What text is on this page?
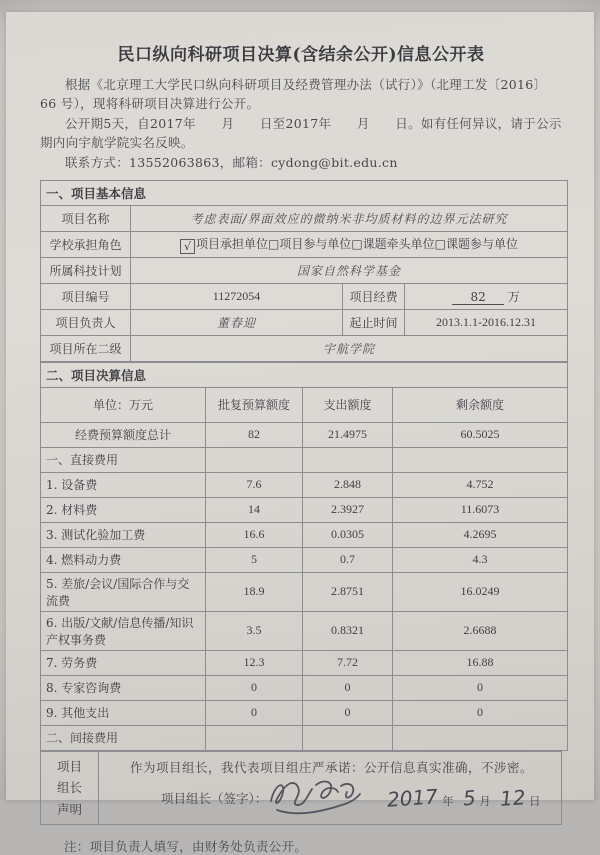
民口纵向科研项目决算(含结余公开)信息公开表

根据《北京理工大学民口纵向科研项目及经费管理办法（试行）》（北理工发〔2016〕66 号），现将科研项目决算进行公开。

公开期5天，自2017年　　月　　日至2017年　　月　　日。如有任何异议，请于公示期内向宇航学院实名反映。

联系方式：13552063863，邮箱：cydong@bit.edu.cn

一、项目基本信息			
项目名称	考虑表面/界面效应的微纳米非均质材料的边界元法研究		
学校承担角色	√ 项目承担单位□项目参与单位□课题牵头单位□课题参与单位		
所属科技计划	国家自然科学基金		
项目编号	11272054	项目经费	82 万
项目负责人	董春迎	起止时间	2013.1.1-2016.12.31
项目所在二级	宇航学院		
二、项目决算信息			
单位：万元	批复预算额度	支出额度	剩余额度
经费预算额度总计	82	21.4975	60.5025
一、直接费用			
1. 设备费	7.6	2.848	4.752
2. 材料费	14	2.3927	11.6073
3. 测试化验加工费	16.6	0.0305	4.2695
4. 燃料动力费	5	0.7	4.3
5. 差旅/会议/国际合作与交流费	18.9	2.8751	16.0249
6. 出版/文献/信息传播/知识产权事务费	3.5	0.8321	2.6688
7. 劳务费	12.3	7.72	16.88
8. 专家咨询费	0	0	0
9. 其他支出	0	0	0
二、间接费用			
项目
组长
声明

作为项目组长，我代表项目组庄严承诺：公开信息真实准确，不涉密。
项目组长（签字）：	2017 年 5 月 12 日

注：项目负责人填写，由财务处负责公开。
